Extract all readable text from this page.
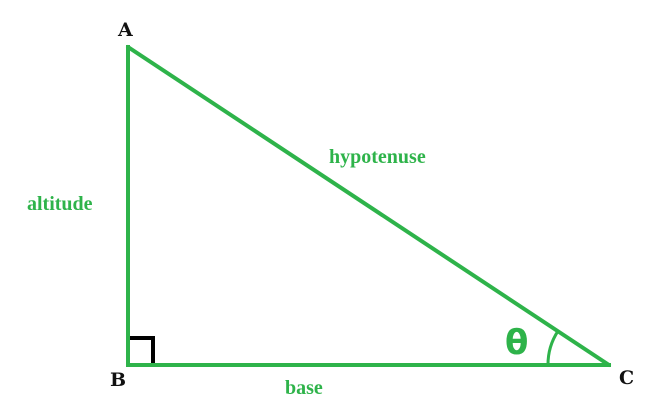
A
B	C
altitude
hypotenuse
base
θ
